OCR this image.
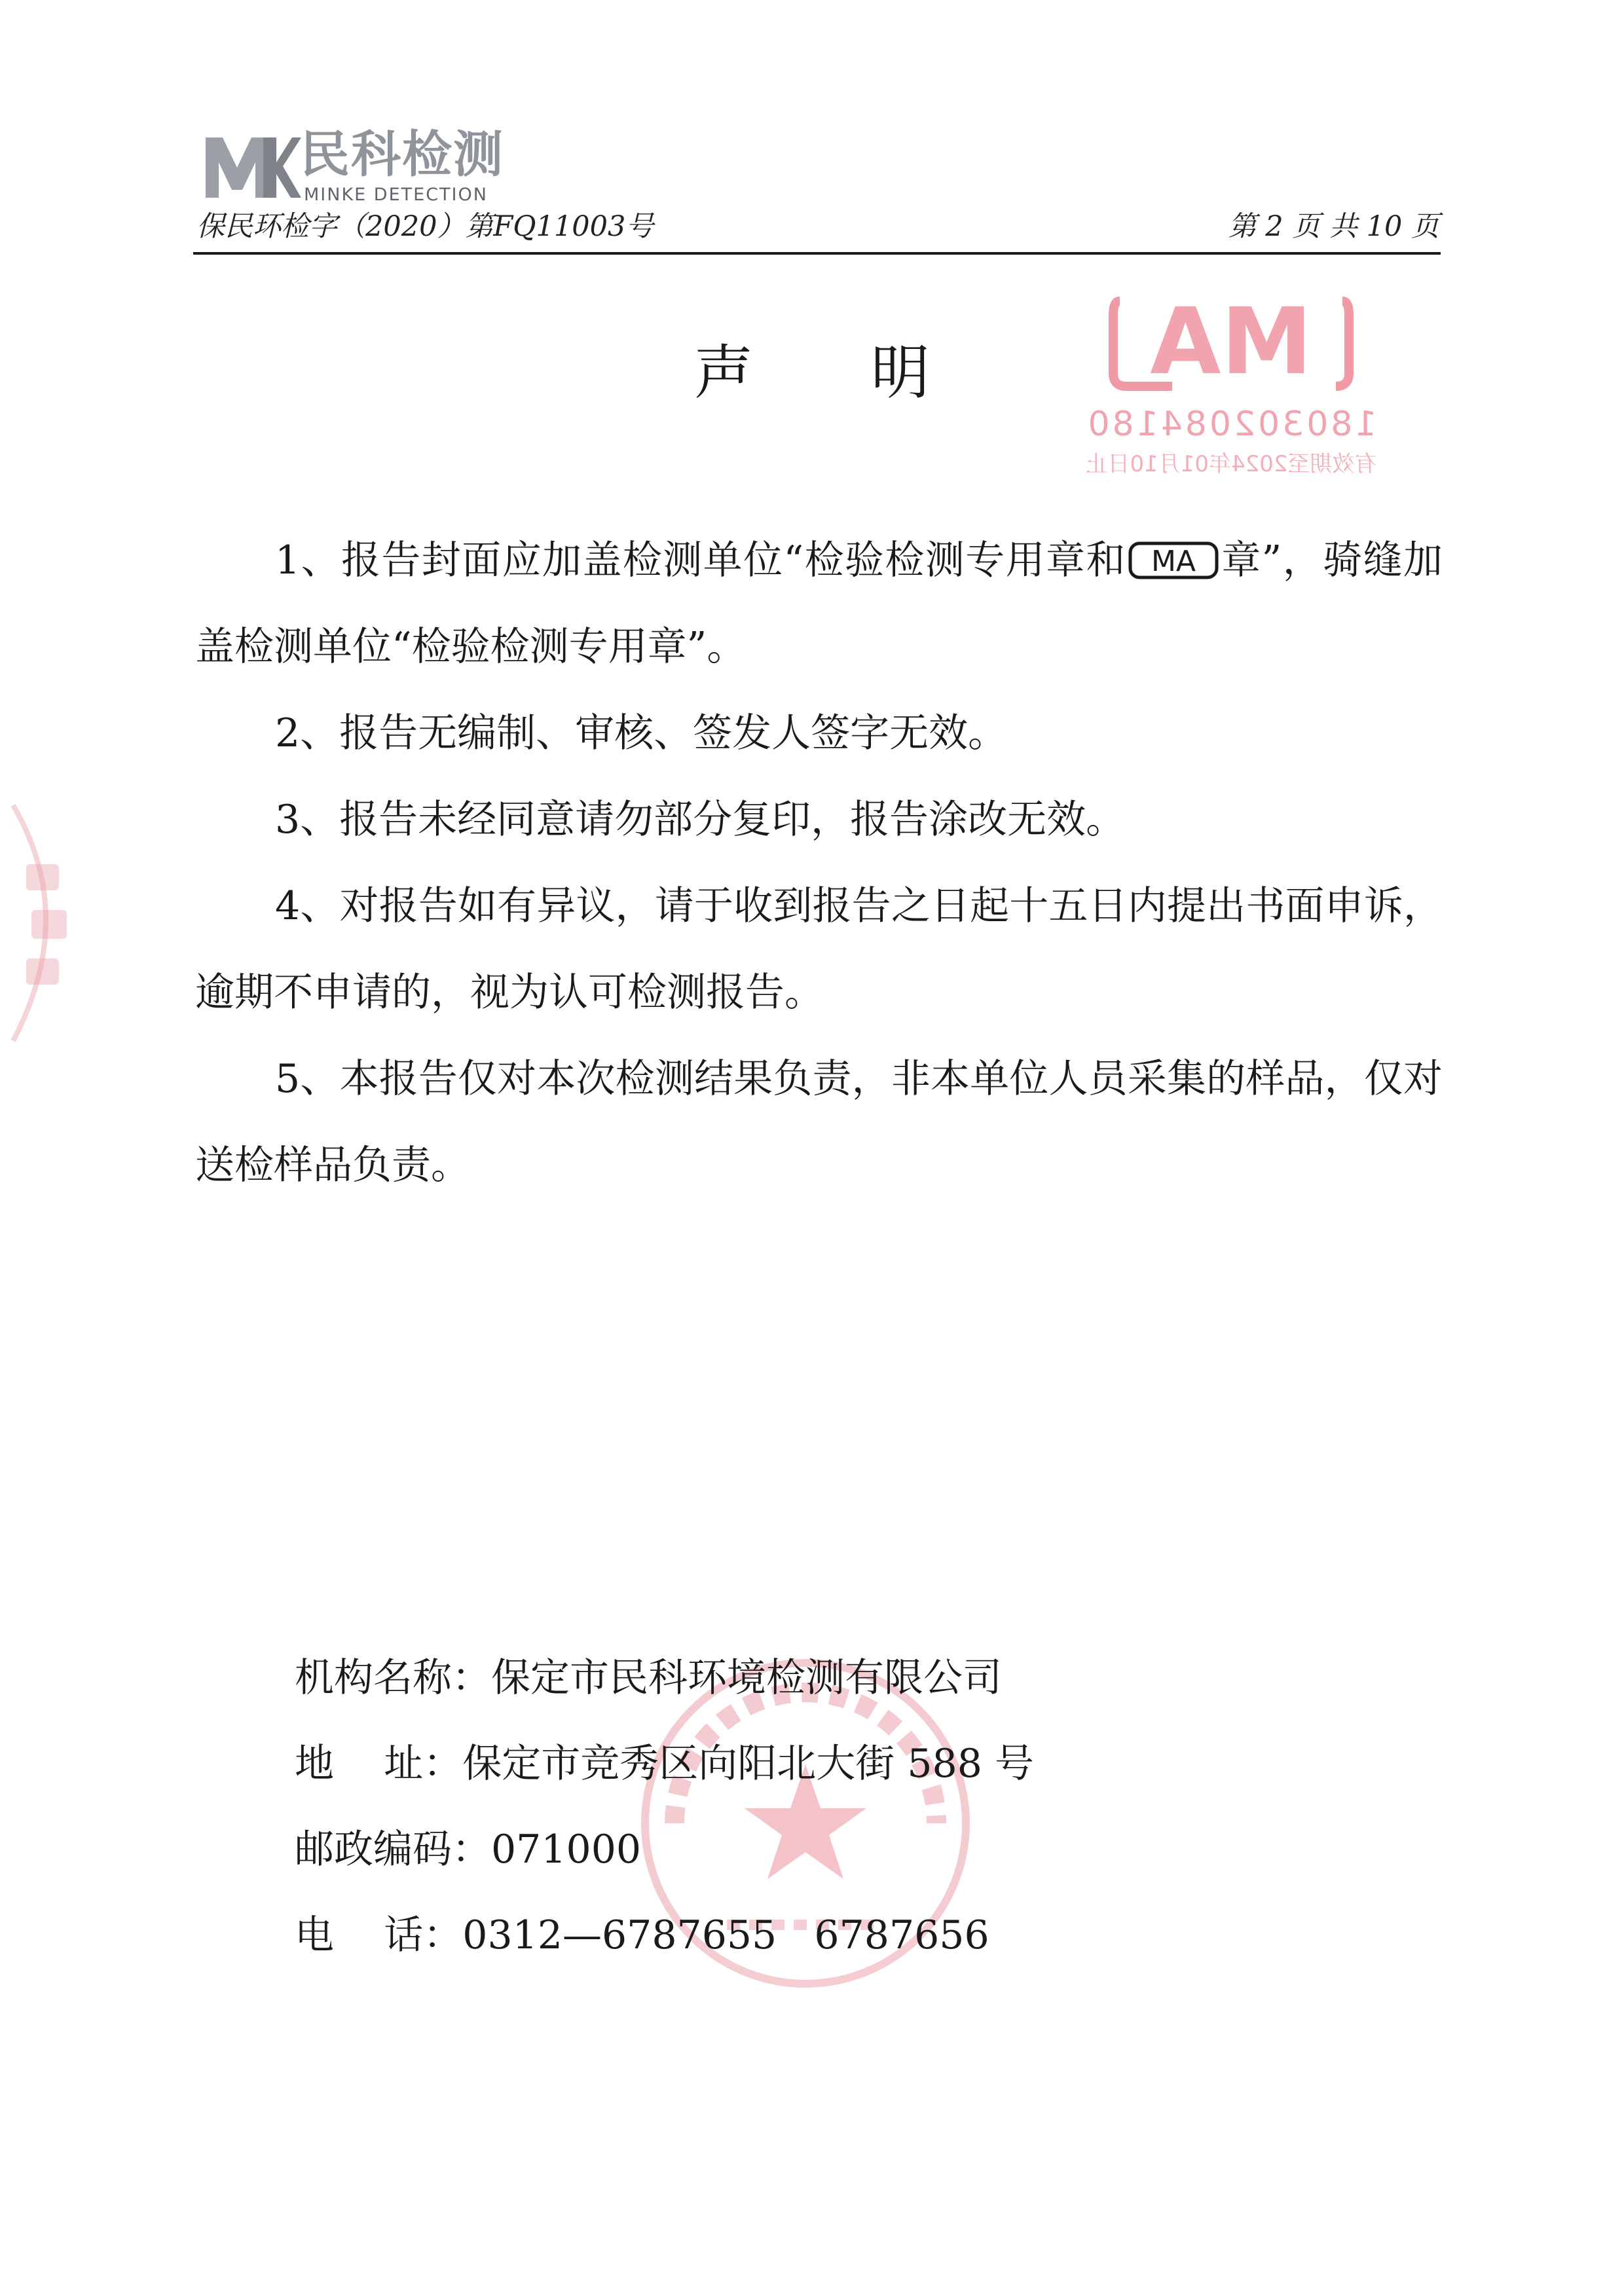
民科检测
MINKE DETECTION
保民环检字（2020）第FQ11003号	第 2 页 共 10 页
MA
180302084180
有效期至2024年01月10日止
声明

1、报告封面应加盖检测单位“检验检测专用章和 MA 章”，骑缝加盖检测单位“检验检测专用章”。

2、报告无编制、审核、签发人签字无效。

3、报告未经同意请勿部分复印，报告涂改无效。

4、对报告如有异议，请于收到报告之日起十五日内提出书面申诉，逾期不申请的，视为认可检测报告。

5、本报告仅对本次检测结果负责，非本单位人员采集的样品，仅对送检样品负责。

机构名称：保定市民科环境检测有限公司
地    址：保定市竞秀区向阳北大街 588 号
邮政编码：071000
电    话：0312—6787655   6787656
